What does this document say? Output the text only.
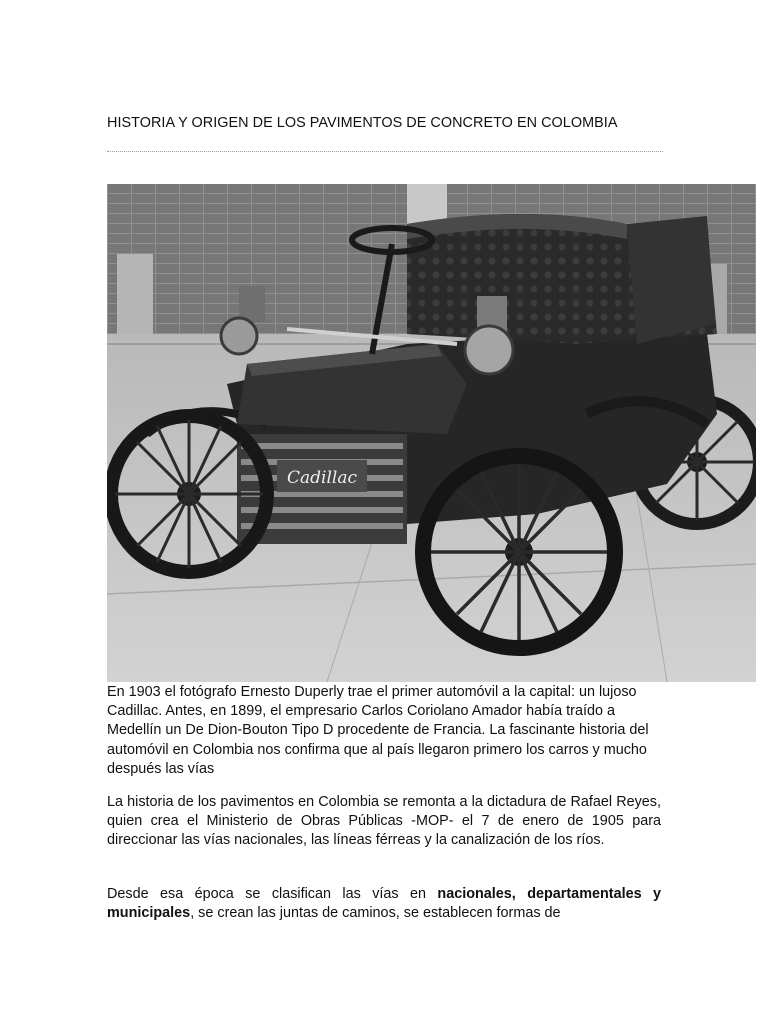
HISTORIA Y ORIGEN DE LOS PAVIMENTOS DE CONCRETO EN COLOMBIA
Cadillac
En 1903 el fotógrafo Ernesto Duperly trae el primer automóvil a la capital: un lujoso Cadillac. Antes, en 1899, el empresario Carlos Coriolano Amador había traído a Medellín un De Dion-Bouton Tipo D procedente de Francia. La fascinante historia del automóvil en Colombia nos confirma que al país llegaron primero los carros y mucho después las vías
La historia de los pavimentos en Colombia se remonta a la dictadura de Rafael Reyes, quien crea el Ministerio de Obras Públicas -MOP- el 7 de enero de 1905 para direccionar las vías nacionales, las líneas férreas y la canalización de los ríos.
Desde esa época se clasifican las vías en nacionales, departamentales y municipales, se crean las juntas de caminos, se establecen formas de
